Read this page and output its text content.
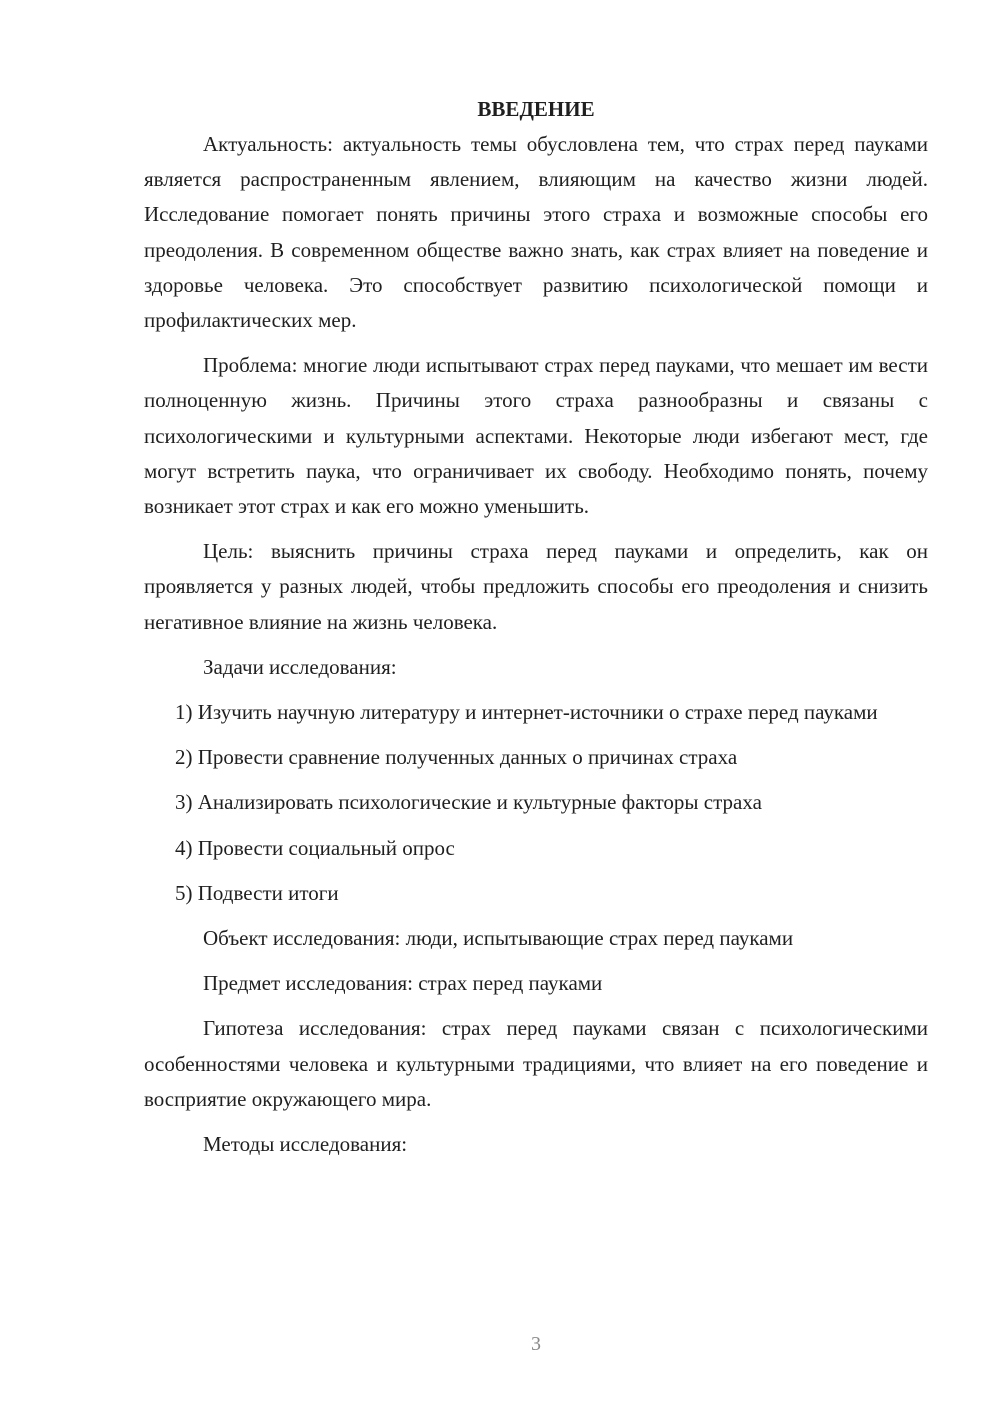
ВВЕДЕНИЕ

Актуальность: актуальность темы обусловлена тем, что страх перед пауками является распространенным явлением, влияющим на качество жизни людей. Исследование помогает понять причины этого страха и возможные способы его преодоления. В современном обществе важно знать, как страх влияет на поведение и здоровье человека. Это способствует развитию психологической помощи и профилактических мер.

Проблема: многие люди испытывают страх перед пауками, что мешает им вести полноценную жизнь. Причины этого страха разнообразны и связаны с психологическими и культурными аспектами. Некоторые люди избегают мест, где могут встретить паука, что ограничивает их свободу. Необходимо понять, почему возникает этот страх и как его можно уменьшить.

Цель: выяснить причины страха перед пауками и определить, как он проявляется у разных людей, чтобы предложить способы его преодоления и снизить негативное влияние на жизнь человека.

Задачи исследования:

1) Изучить научную литературу и интернет-источники о страхе перед пауками

2) Провести сравнение полученных данных о причинах страха

3) Анализировать психологические и культурные факторы страха

4) Провести социальный опрос

5) Подвести итоги

Объект исследования: люди, испытывающие страх перед пауками

Предмет исследования: страх перед пауками

Гипотеза исследования: страх перед пауками связан с психологическими особенностями человека и культурными традициями, что влияет на его поведение и восприятие окружающего мира.

Методы исследования:

3
